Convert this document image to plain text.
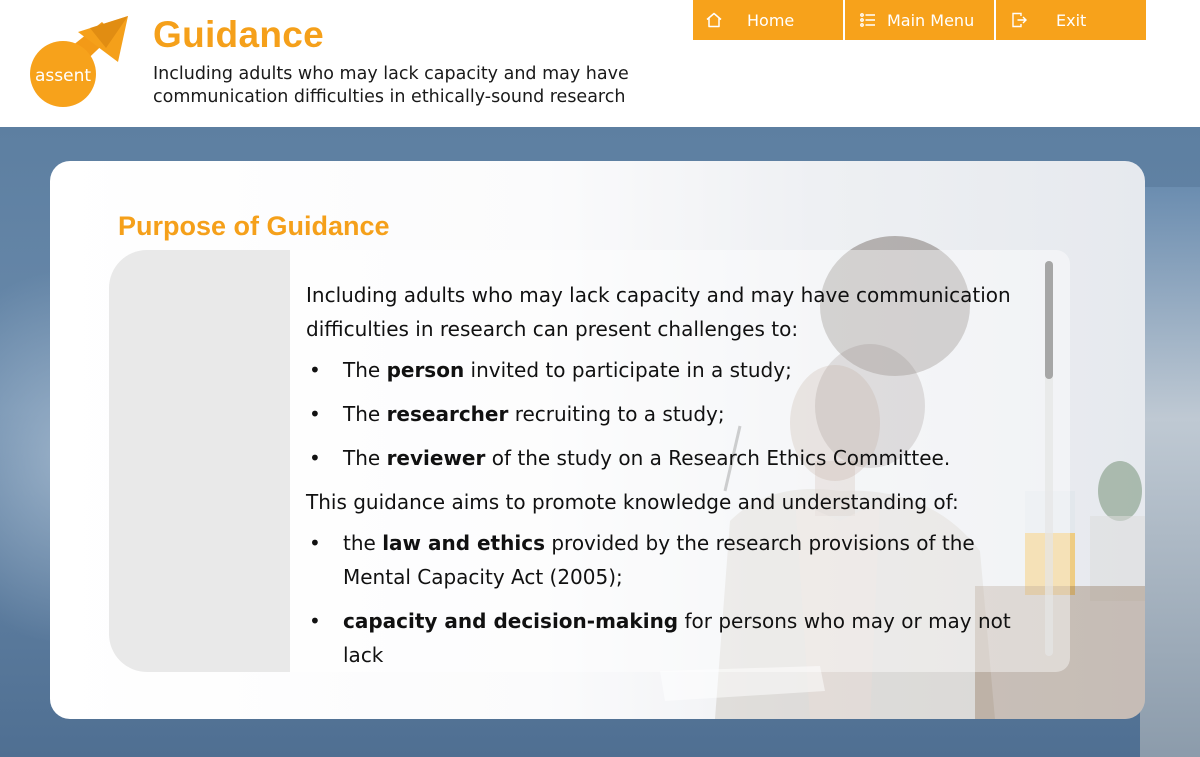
assent
Guidance
Including adults who may lack capacity and may have communication difficulties in ethically-sound research
Home	Main Menu	Exit
Purpose of Guidance

Including adults who may lack capacity and may have communication difficulties in research can present challenges to:

• The person invited to participate in a study;
• The researcher recruiting to a study;
• The reviewer of the study on a Research Ethics Committee.

This guidance aims to promote knowledge and understanding of:

• the law and ethics provided by the research provisions of the Mental Capacity Act (2005);
• capacity and decision-making for persons who may or may not lack
